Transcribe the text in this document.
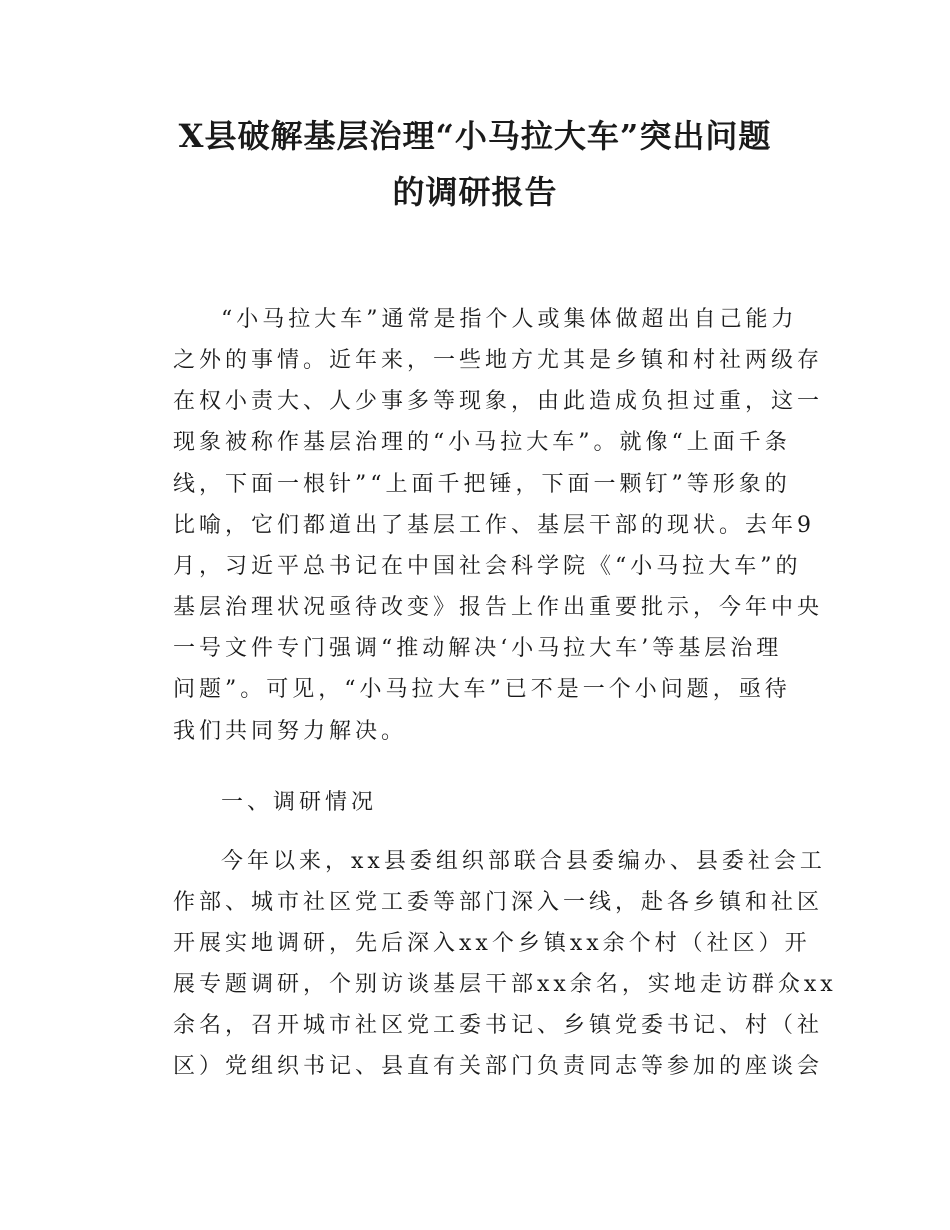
X县破解基层治理“小马拉大车”突出问题
的调研报告
“小马拉大车”通常是指个人或集体做超出自己能力
之外的事情。近年来，一些地方尤其是乡镇和村社两级存
在权小责大、人少事多等现象，由此造成负担过重，这一
现象被称作基层治理的“小马拉大车”。就像“上面千条
线，下面一根针”“上面千把锤，下面一颗钉”等形象的
比喻，它们都道出了基层工作、基层干部的现状。去年9
月，习近平总书记在中国社会科学院《“小马拉大车”的
基层治理状况亟待改变》报告上作出重要批示，今年中央
一号文件专门强调“推动解决‘小马拉大车’等基层治理
问题”。可见，“小马拉大车”已不是一个小问题，亟待
我们共同努力解决。
一、调研情况
今年以来，xx县委组织部联合县委编办、县委社会工
作部、城市社区党工委等部门深入一线，赴各乡镇和社区
开展实地调研，先后深入xx个乡镇xx余个村（社区）开
展专题调研，个别访谈基层干部xx余名，实地走访群众xx
余名，召开城市社区党工委书记、乡镇党委书记、村（社
区）党组织书记、县直有关部门负责同志等参加的座谈会
